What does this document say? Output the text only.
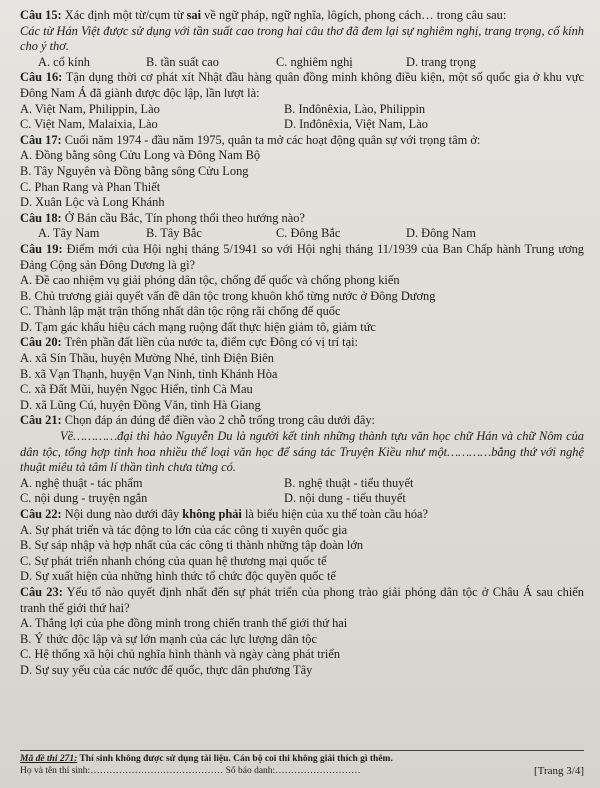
Câu 15: Xác định một từ/cụm từ sai về ngữ pháp, ngữ nghĩa, lôgích, phong cách… trong câu sau:
Các từ Hán Việt được sử dụng với tần suất cao trong hai câu thơ đã đem lại sự nghiêm nghị, trang trọng, cổ kính cho ý thơ.
A. cổ kính	B. tần suất cao	C. nghiêm nghị	D. trang trọng
Câu 16: Tận dụng thời cơ phát xít Nhật đầu hàng quân đồng minh không điều kiện, một số quốc gia ở khu vực Đông Nam Á đã giành được độc lập, lần lượt là:
A. Việt Nam, Philippin, Lào	B. Inđônêxia, Lào, Philippin
C. Việt Nam, Malaixia, Lào	D. Inđônêxia, Việt Nam, Lào
Câu 17: Cuối năm 1974 - đầu năm 1975, quân ta mở các hoạt động quân sự với trọng tâm ở:
A. Đồng bằng sông Cửu Long và Đông Nam Bộ
B. Tây Nguyên và Đồng bằng sông Cửu Long
C. Phan Rang và Phan Thiết
D. Xuân Lộc và Long Khánh
Câu 18: Ở Bán cầu Bắc, Tín phong thổi theo hướng nào?
A. Tây Nam	B. Tây Bắc	C. Đông Bắc	D. Đông Nam
Câu 19: Điểm mới của Hội nghị tháng 5/1941 so với Hội nghị tháng 11/1939 của Ban Chấp hành Trung ương Đảng Cộng sản Đông Dương là gì?
A. Đề cao nhiệm vụ giải phóng dân tộc, chống đế quốc và chống phong kiến
B. Chủ trương giải quyết vấn đề dân tộc trong khuôn khổ từng nước ở Đông Dương
C. Thành lập mặt trận thống nhất dân tộc rộng rãi chống đế quốc
D. Tạm gác khẩu hiệu cách mạng ruộng đất thực hiện giảm tô, giảm tức
Câu 20: Trên phần đất liền của nước ta, điểm cực Đông có vị trí tại:
A. xã Sín Thầu, huyện Mường Nhé, tỉnh Điện Biên
B. xã Vạn Thạnh, huyện Vạn Ninh, tỉnh Khánh Hòa
C. xã Đất Mũi, huyện Ngọc Hiển, tỉnh Cà Mau
D. xã Lũng Cú, huyện Đồng Văn, tỉnh Hà Giang
Câu 21: Chọn đáp án đúng để điền vào 2 chỗ trống trong câu dưới đây:
Về…………đại thi hào Nguyễn Du là người kết tinh những thành tựu văn học chữ Hán và chữ Nôm của dân tộc, tổng hợp tinh hoa nhiều thể loại văn học để sáng tác Truyện Kiều như một…………bằng thứ với nghệ thuật miêu tả tâm lí thần tình chưa từng có.
A. nghệ thuật - tác phẩm	B. nghệ thuật - tiểu thuyết
C. nội dung - truyện ngắn	D. nội dung - tiểu thuyết
Câu 22: Nội dung nào dưới đây không phải là biểu hiện của xu thế toàn cầu hóa?
A. Sự phát triển và tác động to lớn của các công ti xuyên quốc gia
B. Sự sáp nhập và hợp nhất của các công ti thành những tập đoàn lớn
C. Sự phát triển nhanh chóng của quan hệ thương mại quốc tế
D. Sự xuất hiện của những hình thức tổ chức độc quyền quốc tế
Câu 23: Yếu tố nào quyết định nhất đến sự phát triển của phong trào giải phóng dân tộc ở Châu Á sau chiến tranh thế giới thứ hai?
A. Thắng lợi của phe đồng minh trong chiến tranh thế giới thứ hai
B. Ý thức độc lập và sự lớn mạnh của các lực lượng dân tộc
C. Hệ thống xã hội chủ nghĩa hình thành và ngày càng phát triển
D. Sự suy yếu của các nước đế quốc, thực dân phương Tây
Mã đề thi 271: Thí sinh không được sử dụng tài liệu. Cán bộ coi thi không giải thích gì thêm.
Họ và tên thí sinh:…………………………………… Số báo danh:………………………	[Trang 3/4]
